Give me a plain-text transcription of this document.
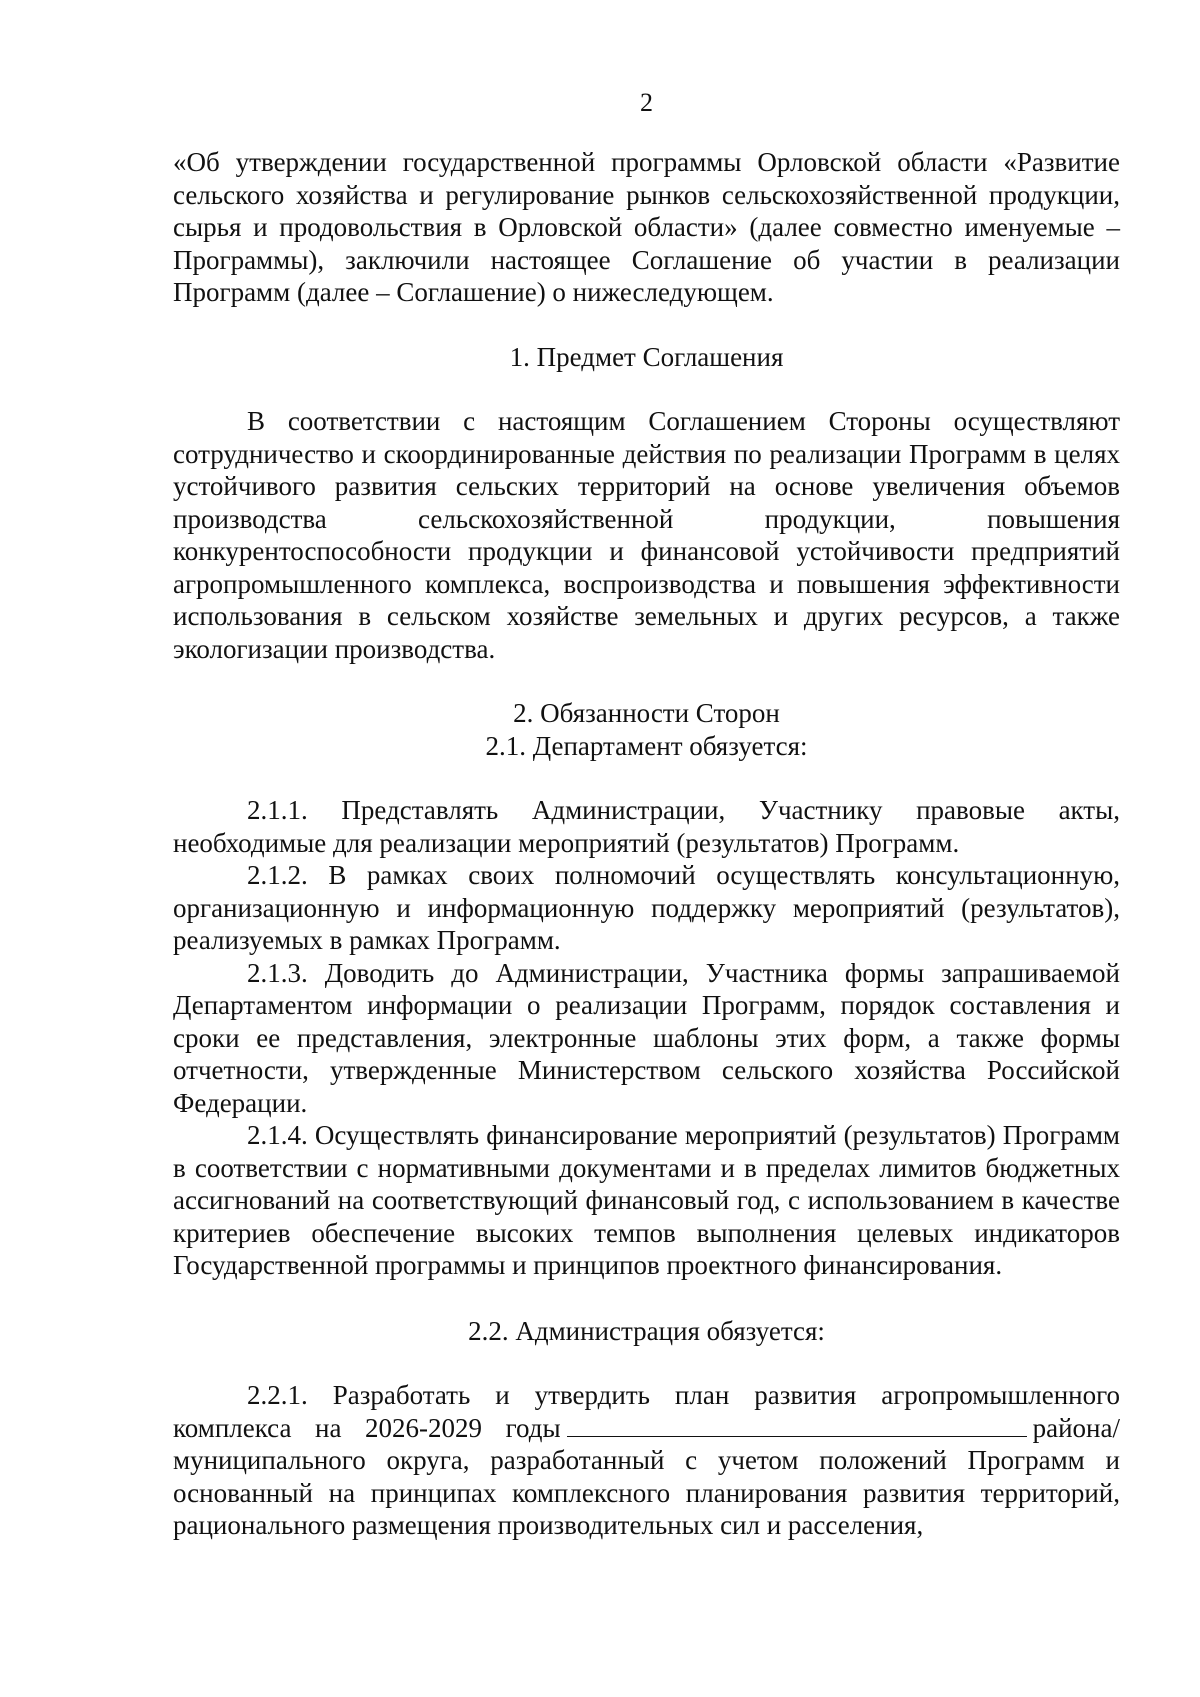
2

«Об утверждении государственной программы Орловской области «Развитие сельского хозяйства и регулирование рынков сельскохозяйственной продукции, сырья и продовольствия в Орловской области» (далее совместно именуемые – Программы), заключили настоящее Соглашение об участии в реализации Программ (далее – Соглашение) о нижеследующем.

1. Предмет Соглашения

В соответствии с настоящим Соглашением Стороны осуществляют сотрудничество и скоординированные действия по реализации Программ в целях устойчивого развития сельских территорий на основе увеличения объемов производства сельскохозяйственной продукции, повышения конкурентоспособности продукции и финансовой устойчивости предприятий агропромышленного комплекса, воспроизводства и повышения эффективности использования в сельском хозяйстве земельных и других ресурсов, а также экологизации производства.

2. Обязанности Сторон

2.1. Департамент обязуется:

2.1.1. Представлять Администрации, Участнику правовые акты, необходимые для реализации мероприятий (результатов) Программ.

2.1.2. В рамках своих полномочий осуществлять консультационную, организационную и информационную поддержку мероприятий (результатов), реализуемых в рамках Программ.

2.1.3. Доводить до Администрации, Участника формы запрашиваемой Департаментом информации о реализации Программ, порядок составления и сроки ее представления, электронные шаблоны этих форм, а также формы отчетности, утвержденные Министерством сельского хозяйства Российской Федерации.

2.1.4. Осуществлять финансирование мероприятий (результатов) Программ в соответствии с нормативными документами и в пределах лимитов бюджетных ассигнований на соответствующий финансовый год, с использованием в качестве критериев обеспечение высоких темпов выполнения целевых индикаторов Государственной программы и принципов проектного финансирования.

2.2. Администрация обязуется:

2.2.1. Разработать и утвердить план развития агропромышленного комплекса на 2026-2029 годы	района/ муниципального округа, разработанный с учетом положений Программ и основанный на принципах комплексного планирования развития территорий, рационального размещения производительных сил и расселения,
